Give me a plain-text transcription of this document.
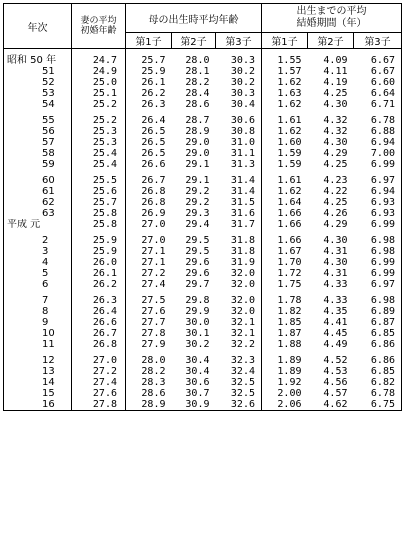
年次	妻の平均初婚年齢	母の出生時平均年齢			出生までの平均結婚期間（年）		
		第1子	第2子	第3子	第1子	第2子	第3子
昭和 50 年	24.7	25.7	28.0	30.3	1.55	4.09	6.67
51	24.9	25.9	28.1	30.2	1.57	4.11	6.67
52	25.0	26.1	28.2	30.2	1.62	4.19	6.60
53	25.1	26.2	28.4	30.3	1.63	4.25	6.64
54	25.2	26.3	28.6	30.4	1.62	4.30	6.71
55	25.2	26.4	28.7	30.6	1.61	4.32	6.78
56	25.3	26.5	28.9	30.8	1.62	4.32	6.88
57	25.3	26.5	29.0	31.0	1.60	4.30	6.94
58	25.4	26.5	29.0	31.1	1.59	4.29	7.00
59	25.4	26.6	29.1	31.3	1.59	4.25	6.99
60	25.5	26.7	29.1	31.4	1.61	4.23	6.97
61	25.6	26.8	29.2	31.4	1.62	4.22	6.94
62	25.7	26.8	29.2	31.5	1.64	4.25	6.93
63	25.8	26.9	29.3	31.6	1.66	4.26	6.93
平成 元	25.8	27.0	29.4	31.7	1.66	4.29	6.99
2	25.9	27.0	29.5	31.8	1.66	4.30	6.98
3	25.9	27.1	29.5	31.8	1.67	4.31	6.98
4	26.0	27.1	29.6	31.9	1.70	4.30	6.99
5	26.1	27.2	29.6	32.0	1.72	4.31	6.99
6	26.2	27.4	29.7	32.0	1.75	4.33	6.97
7	26.3	27.5	29.8	32.0	1.78	4.33	6.98
8	26.4	27.6	29.9	32.0	1.82	4.35	6.89
9	26.6	27.7	30.0	32.1	1.85	4.41	6.87
10	26.7	27.8	30.1	32.1	1.87	4.45	6.85
11	26.8	27.9	30.2	32.2	1.88	4.49	6.86
12	27.0	28.0	30.4	32.3	1.89	4.52	6.86
13	27.2	28.2	30.4	32.4	1.89	4.53	6.85
14	27.4	28.3	30.6	32.5	1.92	4.56	6.82
15	27.6	28.6	30.7	32.5	2.00	4.57	6.78
16	27.8	28.9	30.9	32.6	2.06	4.62	6.75
